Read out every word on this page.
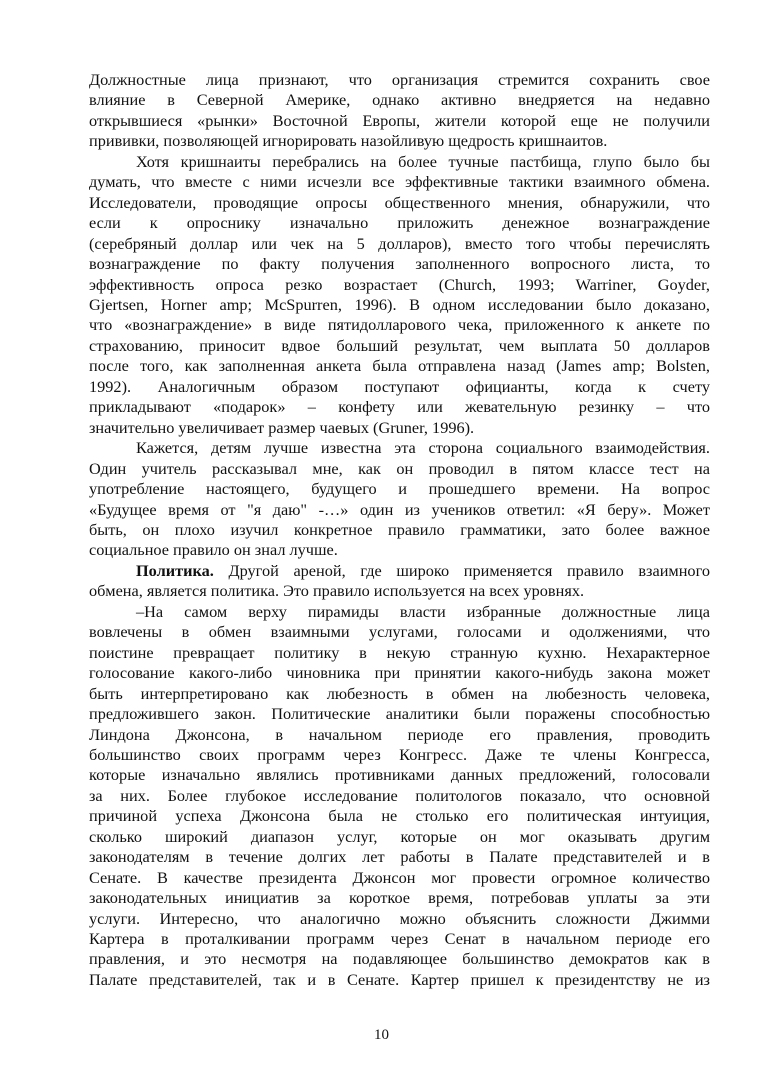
Должностные лица признают, что организация стремится сохранить свое
влияние в Северной Америке, однако активно внедряется на недавно
открывшиеся «рынки» Восточной Европы, жители которой еще не получили
прививки, позволяющей игнорировать назойливую щедрость кришнаитов.

Хотя кришнаиты перебрались на более тучные пастбища, глупо было бы
думать, что вместе с ними исчезли все эффективные тактики взаимного обмена.
Исследователи, проводящие опросы общественного мнения, обнаружили, что
если к опроснику изначально приложить денежное вознаграждение
(серебряный доллар или чек на 5 долларов), вместо того чтобы перечислять
вознаграждение по факту получения заполненного вопросного листа, то
эффективность опроса резко возрастает (Church, 1993; Warriner, Goyder,
Gjertsen, Horner amp; McSpurren, 1996). В одном исследовании было доказано,
что «вознаграждение» в виде пятидолларового чека, приложенного к анкете по
страхованию, приносит вдвое больший результат, чем выплата 50 долларов
после того, как заполненная анкета была отправлена назад (James amp; Bolsten,
1992). Аналогичным образом поступают официанты, когда к счету
прикладывают «подарок» – конфету или жевательную резинку – что
значительно увеличивает размер чаевых (Gruner, 1996).

Кажется, детям лучше известна эта сторона социального взаимодействия.
Один учитель рассказывал мне, как он проводил в пятом классе тест на
употребление настоящего, будущего и прошедшего времени. На вопрос
«Будущее время от "я даю" -…» один из учеников ответил: «Я беру». Может
быть, он плохо изучил конкретное правило грамматики, зато более важное
социальное правило он знал лучше.

Политика. Другой ареной, где широко применяется правило взаимного
обмена, является политика. Это правило используется на всех уровнях.

–На самом верху пирамиды власти избранные должностные лица
вовлечены в обмен взаимными услугами, голосами и одолжениями, что
поистине превращает политику в некую странную кухню. Нехарактерное
голосование какого-либо чиновника при принятии какого-нибудь закона может
быть интерпретировано как любезность в обмен на любезность человека,
предложившего закон. Политические аналитики были поражены способностью
Линдона Джонсона, в начальном периоде его правления, проводить
большинство своих программ через Конгресс. Даже те члены Конгресса,
которые изначально являлись противниками данных предложений, голосовали
за них. Более глубокое исследование политологов показало, что основной
причиной успеха Джонсона была не столько его политическая интуиция,
сколько широкий диапазон услуг, которые он мог оказывать другим
законодателям в течение долгих лет работы в Палате представителей и в
Сенате. В качестве президента Джонсон мог провести огромное количество
законодательных инициатив за короткое время, потребовав уплаты за эти
услуги. Интересно, что аналогично можно объяснить сложности Джимми
Картера в проталкивании программ через Сенат в начальном периоде его
правления, и это несмотря на подавляющее большинство демократов как в
Палате представителей, так и в Сенате. Картер пришел к президентству не из

10
